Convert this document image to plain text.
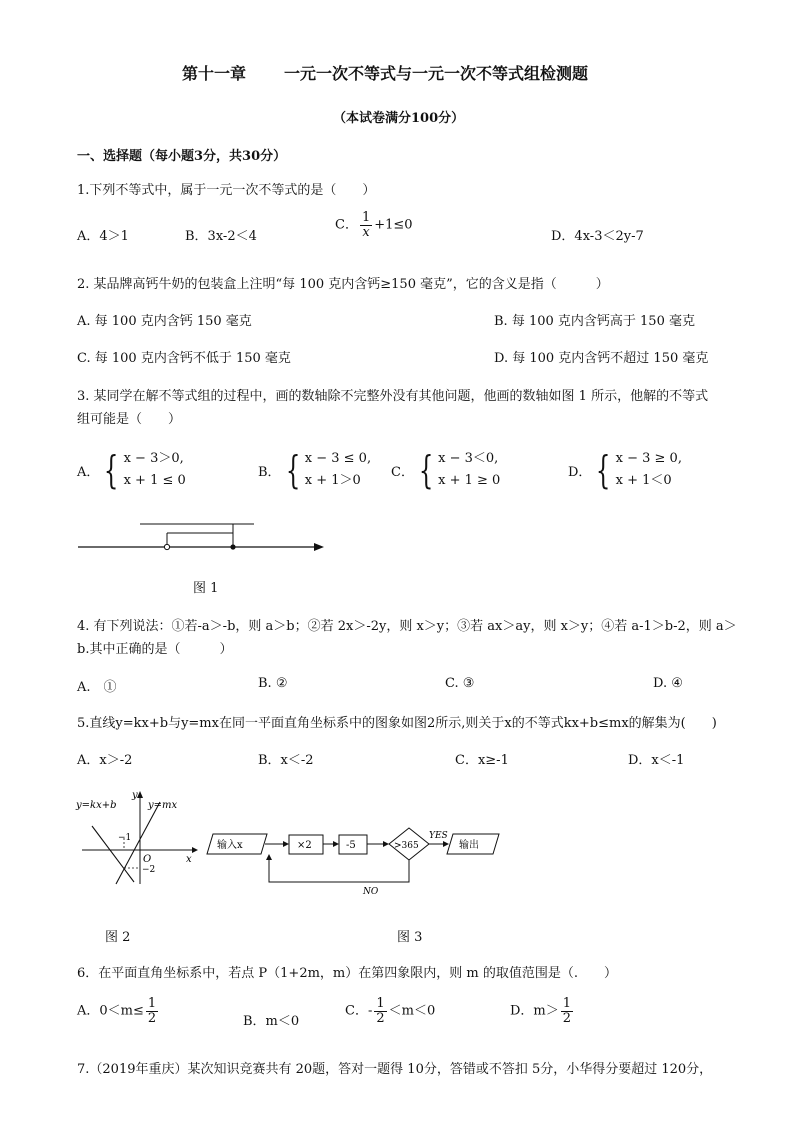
第十一章 一元一次不等式与一元一次不等式组检测题
（本试卷满分100分）
一、选择题（每小题3分，共30分）
1.下列不等式中，属于一元一次不等式的是（　　）
A．4＞1	B．3x-2＜4
C． $\frac{1}{x} +1\le 0$
D．4x-3＜2y-7
2. 某品牌高钙牛奶的包装盒上注明“每 100 克内含钙≥150 毫克”，它的含义是指（　　　）
A. 每 100 克内含钙 150 毫克	B. 每 100 克内含钙高于 150 毫克
C. 每 100 克内含钙不低于 150 毫克	D. 每 100 克内含钙不超过 150 毫克
3. 某同学在解不等式组的过程中，画的数轴除不完整外没有其他问题，他画的数轴如图 1 所示，他解的不等式
组可能是（　　）
A． { x − 3＞0,
x + 1 ≤ 0
B． { x − 3 ≤ 0,
x + 1＞0
C． { x − 3＜0,
x + 1 ≥ 0
D． { x − 3 ≥ 0,
x + 1＜0
图 1
4. 有下列说法：①若-a＞-b，则 a＞b；②若 2x＞-2y，则 x＞y；③若 ax＞ay，则 x＞y；④若 a-1＞b-2，则 a＞
b.其中正确的是（　　　）
A.　①	B. ②	C. ③	D. ④
5.直线y=kx+b与y=mx在同一平面直角坐标系中的图象如图2所示,则关于x的不等式kx+b≤mx的解集为(　　)
A．x＞-2	B．x＜-2	C．x≥-1	D．x＜-1
y=kx+b	y=mx
y
x
O
−1
−2
输入x	×2	-5	>365
YES
输出
NO
图 2	图 3
6．在平面直角坐标系中，若点 P（1+2m，m）在第四象限内，则 m 的取值范围是（.　　）
A．$0<m\le \frac{1}{2}$	B．m＜0
C．- $\frac{1}{2} <m<0$	D．$m> \frac{1}{2}$
7.（2019年重庆）某次知识竞赛共有 20题，答对一题得 10分，答错或不答扣 5分，小华得分要超过 120分，
